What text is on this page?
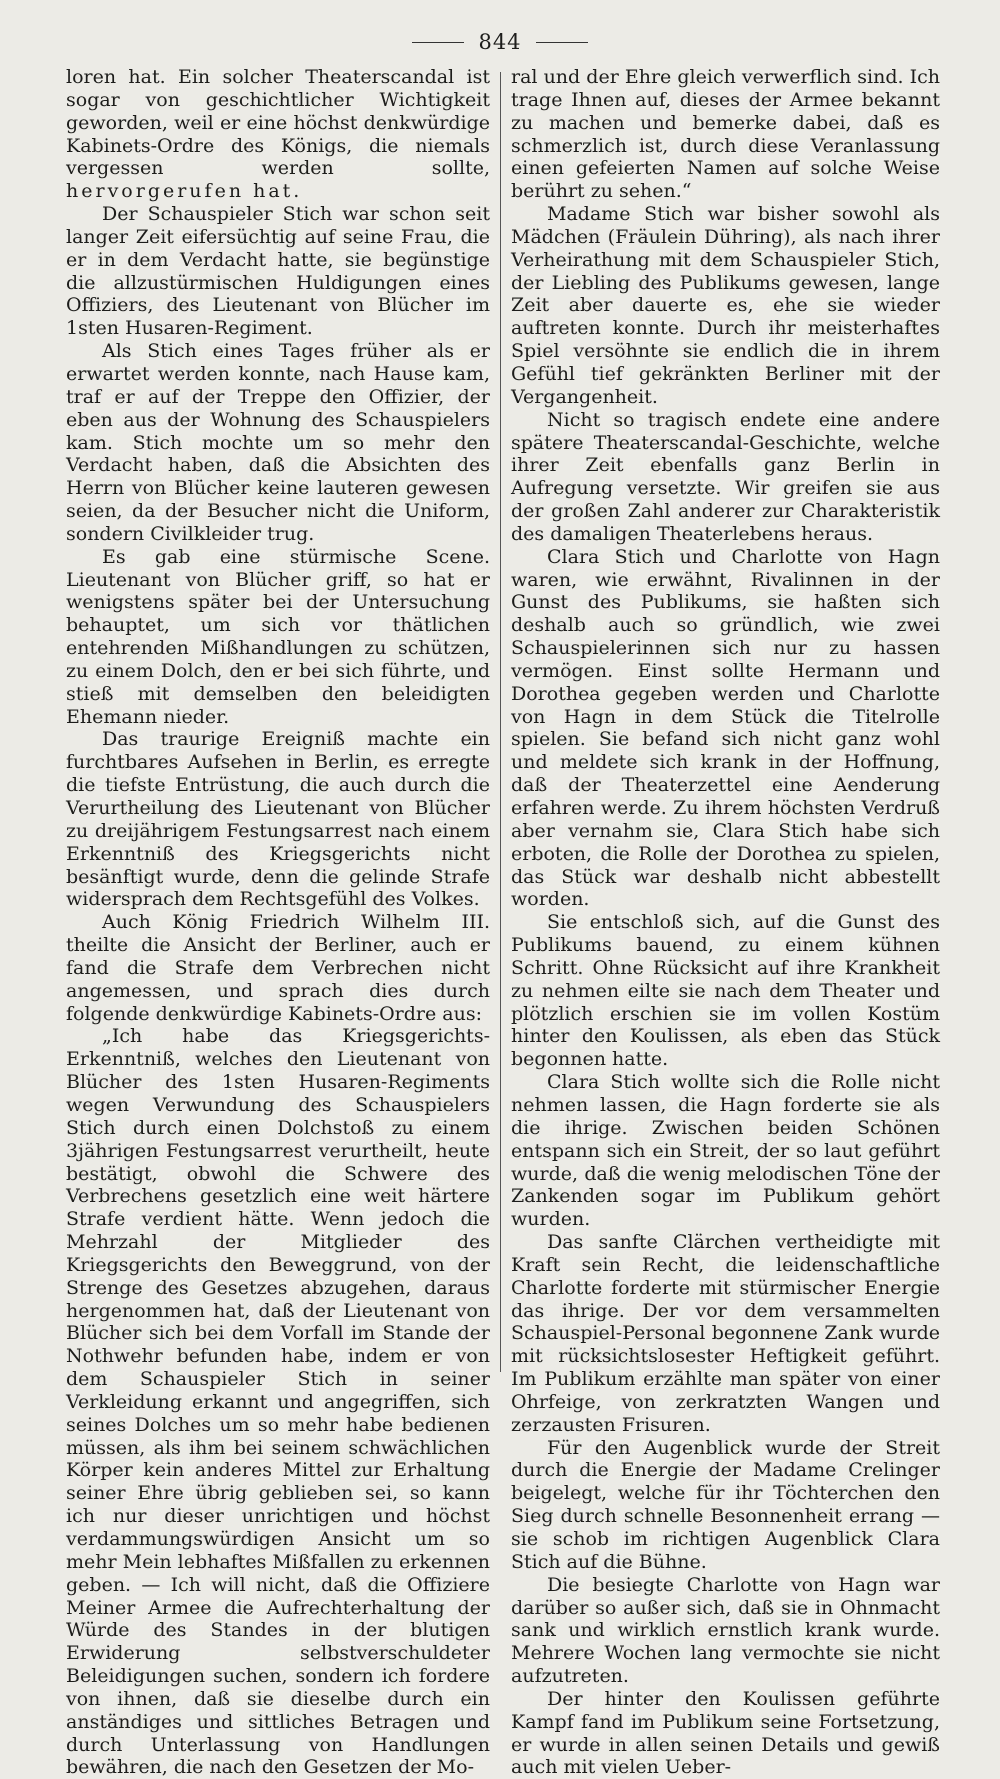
844

loren hat. Ein solcher Theaterscandal ist sogar von geschichtlicher Wichtigkeit geworden, weil er eine höchst denkwürdige Kabinets-Ordre des Königs, die niemals vergessen werden sollte, hervorgerufen hat.

Der Schauspieler Stich war schon seit langer Zeit eifersüchtig auf seine Frau, die er in dem Verdacht hatte, sie begünstige die allzustürmischen Huldigungen eines Offiziers, des Lieutenant von Blücher im 1sten Husaren-Regiment.

Als Stich eines Tages früher als er erwartet werden konnte, nach Hause kam, traf er auf der Treppe den Offizier, der eben aus der Wohnung des Schauspielers kam. Stich mochte um so mehr den Verdacht haben, daß die Absichten des Herrn von Blücher keine lauteren gewesen seien, da der Besucher nicht die Uniform, sondern Civilkleider trug.

Es gab eine stürmische Scene. Lieutenant von Blücher griff, so hat er wenigstens später bei der Untersuchung behauptet, um sich vor thätlichen entehrenden Mißhandlungen zu schützen, zu einem Dolch, den er bei sich führte, und stieß mit demselben den beleidigten Ehemann nieder.

Das traurige Ereigniß machte ein furchtbares Aufsehen in Berlin, es erregte die tiefste Entrüstung, die auch durch die Verurtheilung des Lieutenant von Blücher zu dreijährigem Festungsarrest nach einem Erkenntniß des Kriegsgerichts nicht besänftigt wurde, denn die gelinde Strafe widersprach dem Rechtsgefühl des Volkes.

Auch König Friedrich Wilhelm III. theilte die Ansicht der Berliner, auch er fand die Strafe dem Verbrechen nicht angemessen, und sprach dies durch folgende denkwürdige Kabinets-Ordre aus:

„Ich habe das Kriegsgerichts-Erkenntniß, welches den Lieutenant von Blücher des 1sten Husaren-Regiments wegen Verwundung des Schauspielers Stich durch einen Dolchstoß zu einem 3jährigen Festungsarrest verurtheilt, heute bestätigt, obwohl die Schwere des Verbrechens gesetzlich eine weit härtere Strafe verdient hätte. Wenn jedoch die Mehrzahl der Mitglieder des Kriegsgerichts den Beweggrund, von der Strenge des Gesetzes abzugehen, daraus hergenommen hat, daß der Lieutenant von Blücher sich bei dem Vorfall im Stande der Nothwehr befunden habe, indem er von dem Schauspieler Stich in seiner Verkleidung erkannt und angegriffen, sich seines Dolches um so mehr habe bedienen müssen, als ihm bei seinem schwächlichen Körper kein anderes Mittel zur Erhaltung seiner Ehre übrig geblieben sei, so kann ich nur dieser unrichtigen und höchst verdammungswürdigen Ansicht um so mehr Mein lebhaftes Mißfallen zu erkennen geben. — Ich will nicht, daß die Offiziere Meiner Armee die Aufrechterhaltung der Würde des Standes in der blutigen Erwiderung selbstverschuldeter Beleidigungen suchen, sondern ich fordere von ihnen, daß sie dieselbe durch ein anständiges und sittliches Betragen und durch Unterlassung von Handlungen bewähren, die nach den Gesetzen der Mo-

ral und der Ehre gleich verwerflich sind. Ich trage Ihnen auf, dieses der Armee bekannt zu machen und bemerke dabei, daß es schmerzlich ist, durch diese Veranlassung einen gefeierten Namen auf solche Weise berührt zu sehen.“

Madame Stich war bisher sowohl als Mädchen (Fräulein Dühring), als nach ihrer Verheirathung mit dem Schauspieler Stich, der Liebling des Publikums gewesen, lange Zeit aber dauerte es, ehe sie wieder auftreten konnte. Durch ihr meisterhaftes Spiel versöhnte sie endlich die in ihrem Gefühl tief gekränkten Berliner mit der Vergangenheit.

Nicht so tragisch endete eine andere spätere Theaterscandal-Geschichte, welche ihrer Zeit ebenfalls ganz Berlin in Aufregung versetzte. Wir greifen sie aus der großen Zahl anderer zur Charakteristik des damaligen Theaterlebens heraus.

Clara Stich und Charlotte von Hagn waren, wie erwähnt, Rivalinnen in der Gunst des Publikums, sie haßten sich deshalb auch so gründlich, wie zwei Schauspielerinnen sich nur zu hassen vermögen. Einst sollte Hermann und Dorothea gegeben werden und Charlotte von Hagn in dem Stück die Titelrolle spielen. Sie befand sich nicht ganz wohl und meldete sich krank in der Hoffnung, daß der Theaterzettel eine Aenderung erfahren werde. Zu ihrem höchsten Verdruß aber vernahm sie, Clara Stich habe sich erboten, die Rolle der Dorothea zu spielen, das Stück war deshalb nicht abbestellt worden.

Sie entschloß sich, auf die Gunst des Publikums bauend, zu einem kühnen Schritt. Ohne Rücksicht auf ihre Krankheit zu nehmen eilte sie nach dem Theater und plötzlich erschien sie im vollen Kostüm hinter den Koulissen, als eben das Stück begonnen hatte.

Clara Stich wollte sich die Rolle nicht nehmen lassen, die Hagn forderte sie als die ihrige. Zwischen beiden Schönen entspann sich ein Streit, der so laut geführt wurde, daß die wenig melodischen Töne der Zankenden sogar im Publikum gehört wurden.

Das sanfte Clärchen vertheidigte mit Kraft sein Recht, die leidenschaftliche Charlotte forderte mit stürmischer Energie das ihrige. Der vor dem versammelten Schauspiel-Personal begonnene Zank wurde mit rücksichtslosester Heftigkeit geführt. Im Publikum erzählte man später von einer Ohrfeige, von zerkratzten Wangen und zerzausten Frisuren.

Für den Augenblick wurde der Streit durch die Energie der Madame Crelinger beigelegt, welche für ihr Töchterchen den Sieg durch schnelle Besonnenheit errang — sie schob im richtigen Augenblick Clara Stich auf die Bühne.

Die besiegte Charlotte von Hagn war darüber so außer sich, daß sie in Ohnmacht sank und wirklich ernstlich krank wurde. Mehrere Wochen lang vermochte sie nicht aufzutreten.

Der hinter den Koulissen geführte Kampf fand im Publikum seine Fortsetzung, er wurde in allen seinen Details und gewiß auch mit vielen Ueber-
